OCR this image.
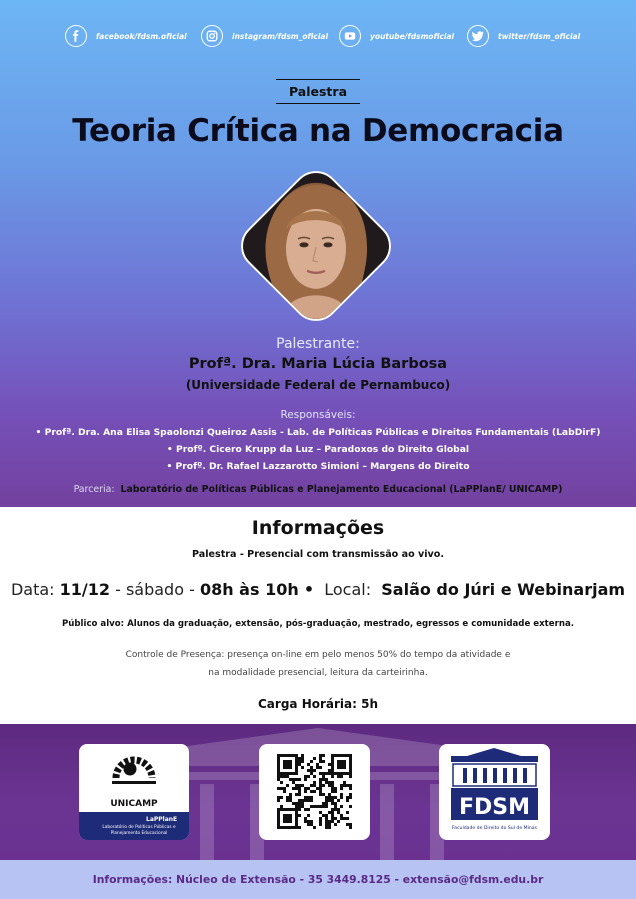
facebook/fdsm.oficial	instagram/fdsm_oficial	youtube/fdsmoficial	twitter/fdsm_oficial
Palestra
Teoria Crítica na Democracia
Palestrante:
Profª. Dra. Maria Lúcia Barbosa
(Universidade Federal de Pernambuco)
Responsáveis:
• Profª. Dra. Ana Elisa Spaolonzi Queiroz Assis - Lab. de Políticas Públicas e Direitos Fundamentais (LabDirF)
• Profº. Cicero Krupp da Luz – Paradoxos do Direito Global
• Profº. Dr. Rafael Lazzarotto Simioni – Margens do Direito
Parceria: Laboratório de Políticas Públicas e Planejamento Educacional (LaPPlanE/ UNICAMP)
Informações
Palestra - Presencial com transmissão ao vivo.
Data: 11/12 - sábado - 08h às 10h • Local: Salão do Júri e Webinarjam
Público alvo: Alunos da graduação, extensão, pós-graduação, mestrado, egressos e comunidade externa.
Controle de Presença: presença on-line em pelo menos 50% do tempo da atividade e
na modalidade presencial, leitura da carteirinha.
Carga Horária: 5h
UNICAMP
LaPPlanE
Laboratório de Políticas Públicas e
Planejamento Educacional
FDSM
Faculdade de Direito do Sul de Minas
Informações: Núcleo de Extensão - 35 3449.8125 - extensão@fdsm.edu.br
